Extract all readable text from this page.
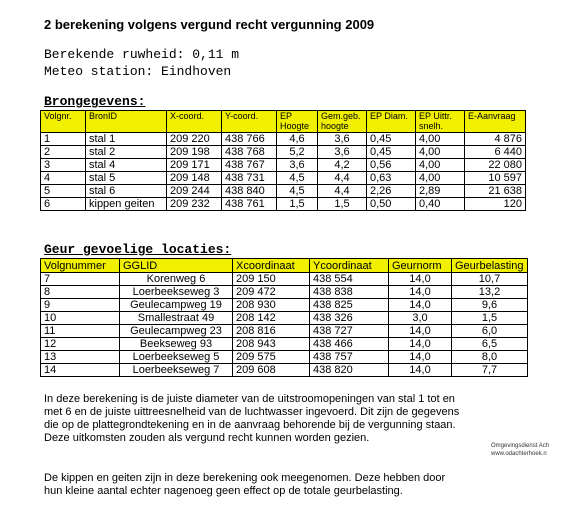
2 berekening volgens vergund recht vergunning 2009
Berekende ruwheid: 0,11 m
Meteo station: Eindhoven
Brongegevens:
Volgnr.	BronID	X-coord.	Y-coord.	EP Hoogte	Gem.geb. hoogte	EP Diam.	EP Uittr. snelh.	E-Aanvraag
1	stal 1	209 220	438 766	4,6	3,6	0,45	4,00	4 876
2	stal 2	209 198	438 768	5,2	3,6	0,45	4,00	6 440
3	stal 4	209 171	438 767	3,6	4,2	0,56	4,00	22 080
4	stal 5	209 148	438 731	4,5	4,4	0,63	4,00	10 597
5	stal 6	209 244	438 840	4,5	4,4	2,26	2,89	21 638
6	kippen geiten	209 232	438 761	1,5	1,5	0,50	0,40	120
Geur gevoelige locaties:
Volgnummer	GGLID	Xcoordinaat	Ycoordinaat	Geurnorm	Geurbelasting
7	Korenweg 6	209 150	438 554	14,0	10,7
8	Loerbeekseweg 3	209 472	438 838	14,0	13,2
9	Geulecampweg 19	208 930	438 825	14,0	9,6
10	Smallestraat 49	208 142	438 326	3,0	1,5
11	Geulecampweg 23	208 816	438 727	14,0	6,0
12	Beekseweg 93	208 943	438 466	14,0	6,5
13	Loerbeekseweg 5	209 575	438 757	14,0	8,0
14	Loerbeekseweg 7	209 608	438 820	14,0	7,7
In deze berekening is de juiste diameter van de uitstroomopeningen van stal 1 tot en met 6 en de juiste uittreesnelheid van de luchtwasser ingevoerd. Dit zijn de gegevens die op de plattegrondtekening en in de aanvraag behorende bij de vergunning staan. Deze uitkomsten zouden als vergund recht kunnen worden gezien.
De kippen en geiten zijn in deze berekening ook meegenomen. Deze hebben door hun kleine aantal echter nagenoeg geen effect op de totale geurbelasting.
Omgevingsdienst Ach
www.odachterhoek.n
